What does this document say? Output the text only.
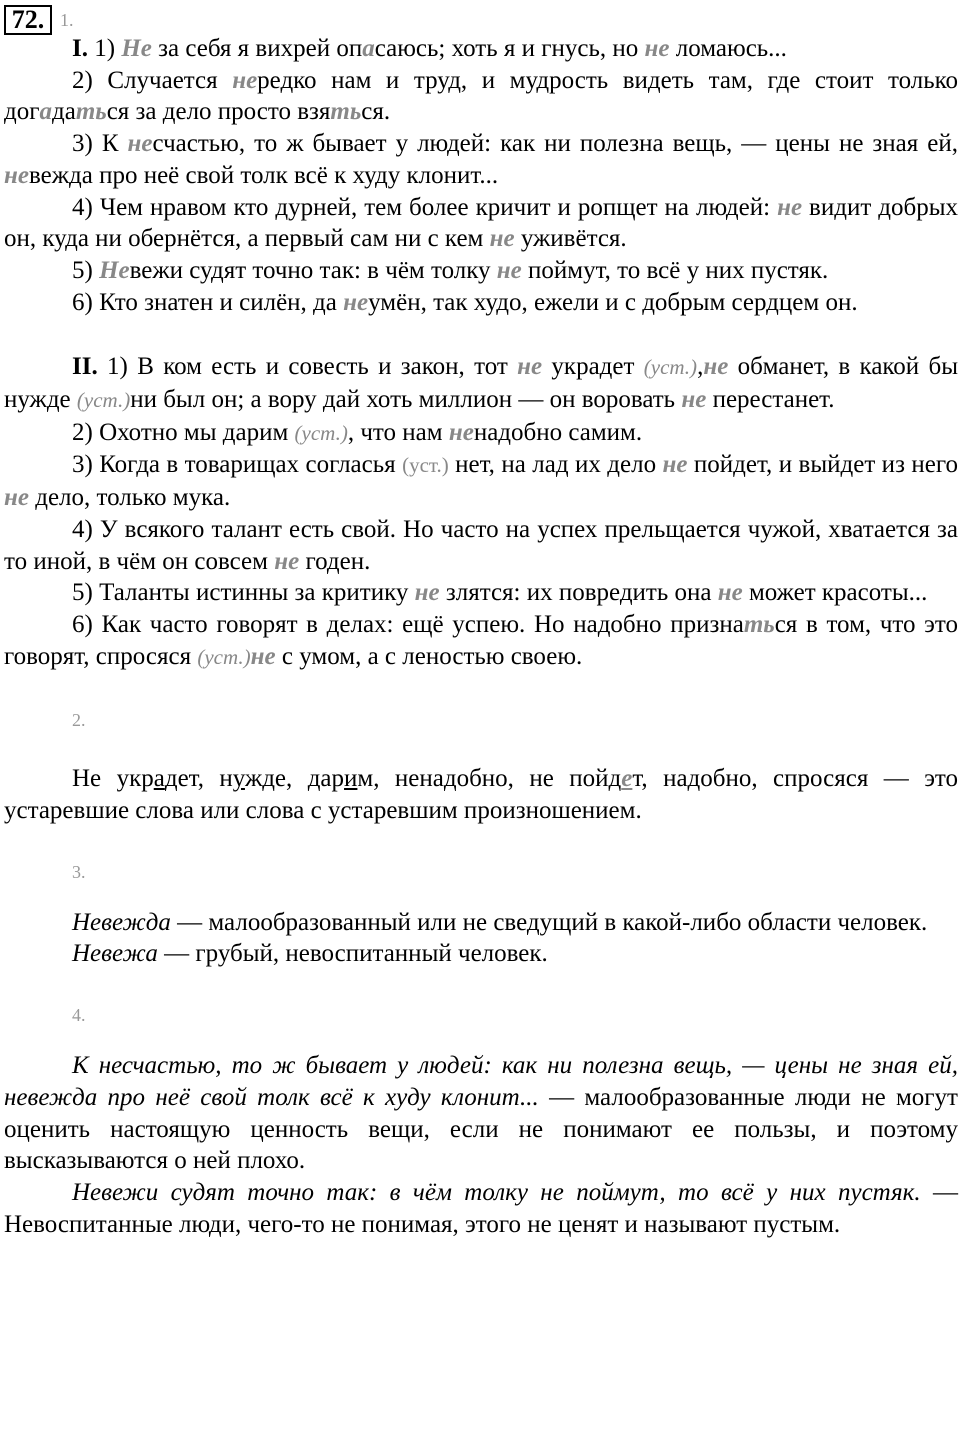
72. 1.

I. 1) Не за себя я вихрей опасаюсь; хоть я и гнусь, но не ломаюсь...

2) Случается нередко нам и труд, и мудрость видеть там, где стоит только догадаться за дело просто взяться.

3) К несчастью, то ж бывает у людей: как ни полезна вещь, — цены не зная ей, невежда про неё свой толк всё к худу клонит...

4) Чем нравом кто дурней, тем более кричит и ропщет на людей: не видит добрых он, куда ни обернётся, а первый сам ни с кем не уживётся.

5) Невежи судят точно так: в чём толку не поймут, то всё у них пустяк.

6) Кто знатен и силён, да неумён, так худо, ежели и с добрым сердцем он.

II. 1) В ком есть и совесть и закон, тот не украдет (уст.),не обманет, в какой бы нужде (уст.)ни был он; а вору дай хоть миллион — он воровать не перестанет.

2) Охотно мы дарим (уст.), что нам ненадобно самим.

3) Когда в товарищах согласья (уст.) нет, на лад их дело не пойдет, и выйдет из него не дело, только мука.

4) У всякого талант есть свой. Но часто на успех прельщается чужой, хватается за то иной, в чём он совсем не годен.

5) Таланты истинны за критику не злятся: их повредить она не может красоты...

6) Как часто говорят в делах: ещё успею. Но надобно признаться в том, что это говорят, спросяся (уст.)не с умом, а с леностью своею.

2.

Не украдет, нужде, дарим, ненадобно, не пойдет, надобно, спросяся — это устаревшие слова или слова с устаревшим произношением.

3.

Невежда — малообразованный или не сведущий в какой-либо области человек.

Невежа — грубый, невоспитанный человек.

4.

К несчастью, то ж бывает у людей: как ни полезна вещь, — цены не зная ей, невежда про неё свой толк всё к худу клонит... — малообразованные люди не могут оценить настоящую ценность вещи, если не понимают ее пользы, и поэтому высказываются о ней плохо.

Невежи судят точно так: в чём толку не поймут, то всё у них пустяк. — Невоспитанные люди, чего-то не понимая, этого не ценят и называют пустым.
